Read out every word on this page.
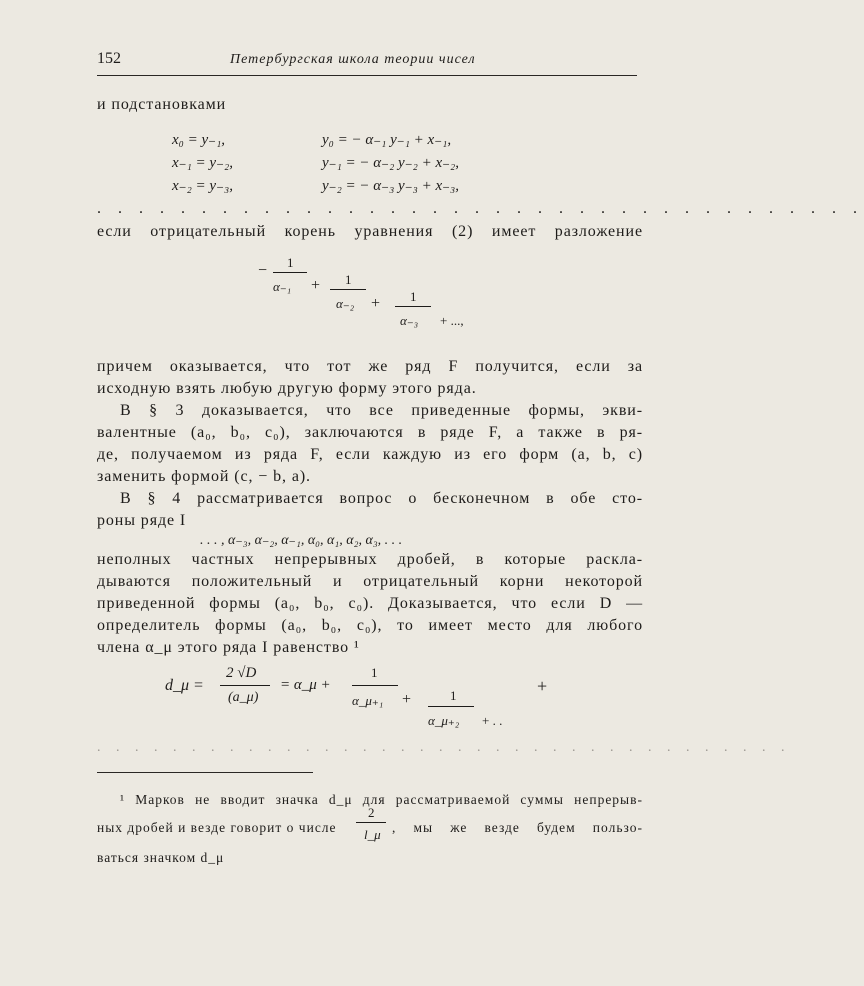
152	Петербургская школа теории чисел
и подстановками
x₀ = y₋₁,
x₋₁ = y₋₂,
x₋₂ = y₋₃,
y₀ = − α₋₁ y₋₁ + x₋₁,
y₋₁ = − α₋₂ y₋₂ + x₋₂,
y₋₂ = − α₋₃ y₋₃ + x₋₃,
. . . . . . . . . . . . . . . . . . . . . . . . . . . . . . . . . . . . .
если отрицательный корень уравнения (2) имеет разложение
− 1
α₋₁ + 1
α₋₂ + 1
α₋₃ + ...,
причем оказывается, что тот же ряд F получится, если за
исходную взять любую другую форму этого ряда.
В § 3 доказывается, что все приведенные формы, экви-
валентные (a₀, b₀, c₀), заключаются в ряде F, а также в ря-
де, получаемом из ряда F, если каждую из его форм (a, b, c)
заменить формой (c, − b, a).
В § 4 рассматривается вопрос о бесконечном в обе сто-
роны ряде I
. . . , α₋₃, α₋₂, α₋₁, α₀, α₁, α₂, α₃, . . .
неполных частных непрерывных дробей, в которые раскла-
дываются положительный и отрицательный корни некоторой
приведенной формы (a₀, b₀, c₀). Доказывается, что если D —
определитель формы (a₀, b₀, c₀), то имеет место для любого
члена α_μ этого ряда I равенство ¹
d_μ =
2 √D
(a_μ)
= α_μ +
1
α_μ₊₁ +	1
α_μ₊₂ + . .
+
. . . . . . . . . . . . . . . . . . . . . . . . . . . . . . . . . . . . .
¹ Марков не вводит значка d_μ для рассматриваемой суммы непрерыв-
ных дробей и везде говорит о числе
2
l_μ , мы же везде будем пользо-
ваться значком d_μ
